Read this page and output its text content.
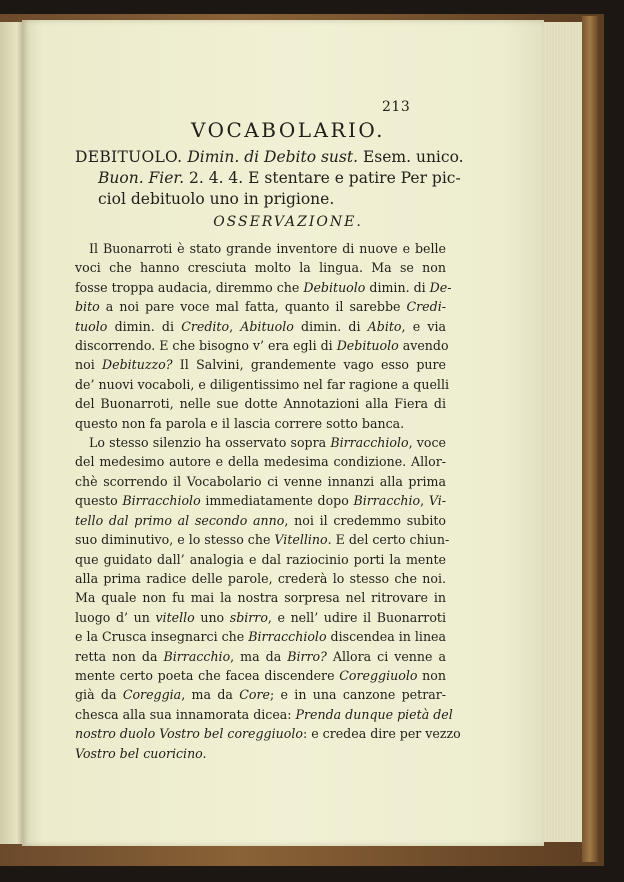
213
VOCABOLARIO.
DEBITUOLO. Dimin. di Debito sust. Esem. unico.
Buon. Fier. 2. 4. 4. E stentare e patire Per pic-
ciol debituolo uno in prigione.
OSSERVAZIONE.
Il Buonarroti è stato grande inventore di nuove e belle
voci che hanno cresciuta molto la lingua. Ma se non
fosse troppa audacia, diremmo che Debituolo dimin. di De-
bito a noi pare voce mal fatta, quanto il sarebbe Credi-
tuolo dimin. di Credito, Abituolo dimin. di Abito, e via
discorrendo. E che bisogno v’ era egli di Debituolo avendo
noi Debituzzo? Il Salvini, grandemente vago esso pure
de’ nuovi vocaboli, e diligentissimo nel far ragione a quelli
del Buonarroti, nelle sue dotte Annotazioni alla Fiera di
questo non fa parola e il lascia correre sotto banca.
Lo stesso silenzio ha osservato sopra Birracchiolo, voce
del medesimo autore e della medesima condizione. Allor-
chè scorrendo il Vocabolario ci venne innanzi alla prima
questo Birracchiolo immediatamente dopo Birracchio, Vi-
tello dal primo al secondo anno, noi il credemmo subito
suo diminutivo, e lo stesso che Vitellino. E del certo chiun-
que guidato dall’ analogia e dal raziocinio porti la mente
alla prima radice delle parole, crederà lo stesso che noi.
Ma quale non fu mai la nostra sorpresa nel ritrovare in
luogo d’ un vitello uno sbirro, e nell’ udire il Buonarroti
e la Crusca insegnarci che Birracchiolo discendea in linea
retta non da Birracchio, ma da Birro? Allora ci venne a
mente certo poeta che facea discendere Coreggiuolo non
già da Coreggia, ma da Core; e in una canzone petrar-
chesca alla sua innamorata dicea: Prenda dunque pietà del
nostro duolo Vostro bel coreggiuolo: e credea dire per vezzo
Vostro bel cuoricino.
